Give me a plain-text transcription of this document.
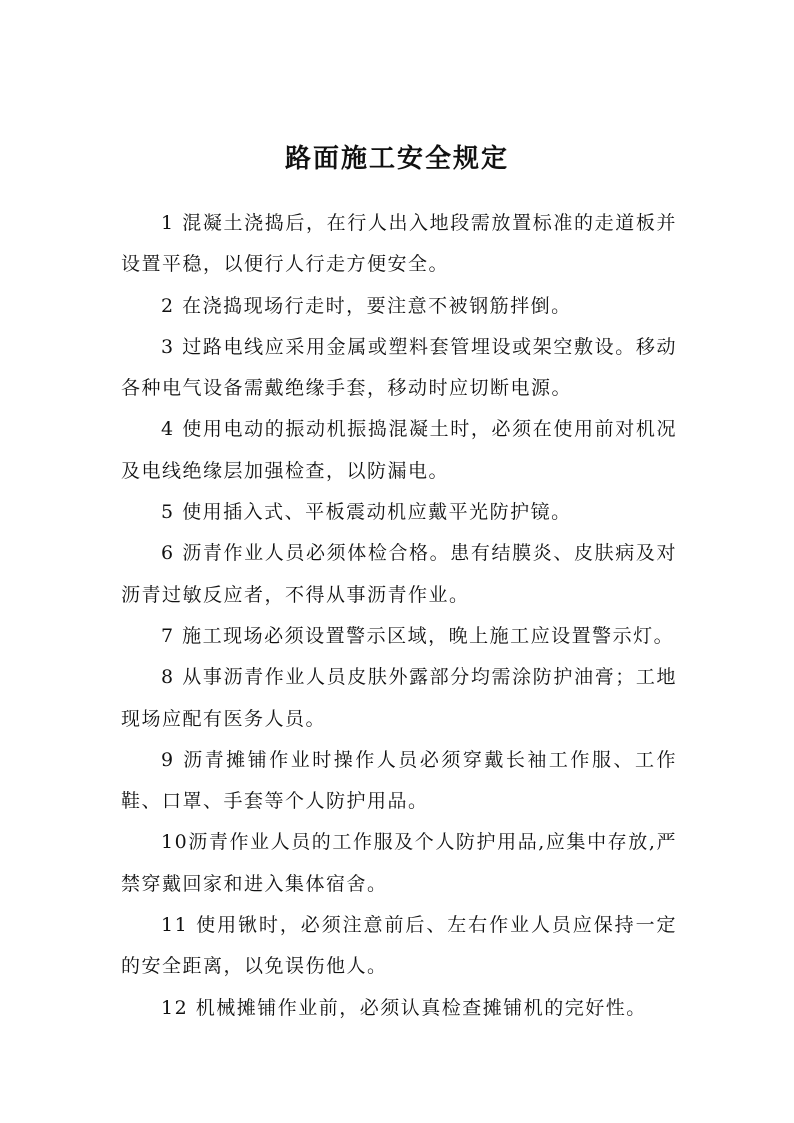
路面施工安全规定

1 混凝土浇捣后，在行人出入地段需放置标准的走道板并设置平稳，以便行人行走方便安全。

2 在浇捣现场行走时，要注意不被钢筋拌倒。

3 过路电线应采用金属或塑料套管埋设或架空敷设。移动各种电气设备需戴绝缘手套，移动时应切断电源。

4 使用电动的振动机振捣混凝土时，必须在使用前对机况及电线绝缘层加强检查，以防漏电。

5 使用插入式、平板震动机应戴平光防护镜。

6 沥青作业人员必须体检合格。患有结膜炎、皮肤病及对沥青过敏反应者，不得从事沥青作业。

7 施工现场必须设置警示区域，晚上施工应设置警示灯。

8 从事沥青作业人员皮肤外露部分均需涂防护油膏；工地现场应配有医务人员。

9 沥青摊铺作业时操作人员必须穿戴长袖工作服、工作鞋、口罩、手套等个人防护用品。

10沥青作业人员的工作服及个人防护用品,应集中存放,严禁穿戴回家和进入集体宿舍。

11 使用锹时，必须注意前后、左右作业人员应保持一定的安全距离，以免误伤他人。

12 机械摊铺作业前，必须认真检查摊铺机的完好性。
